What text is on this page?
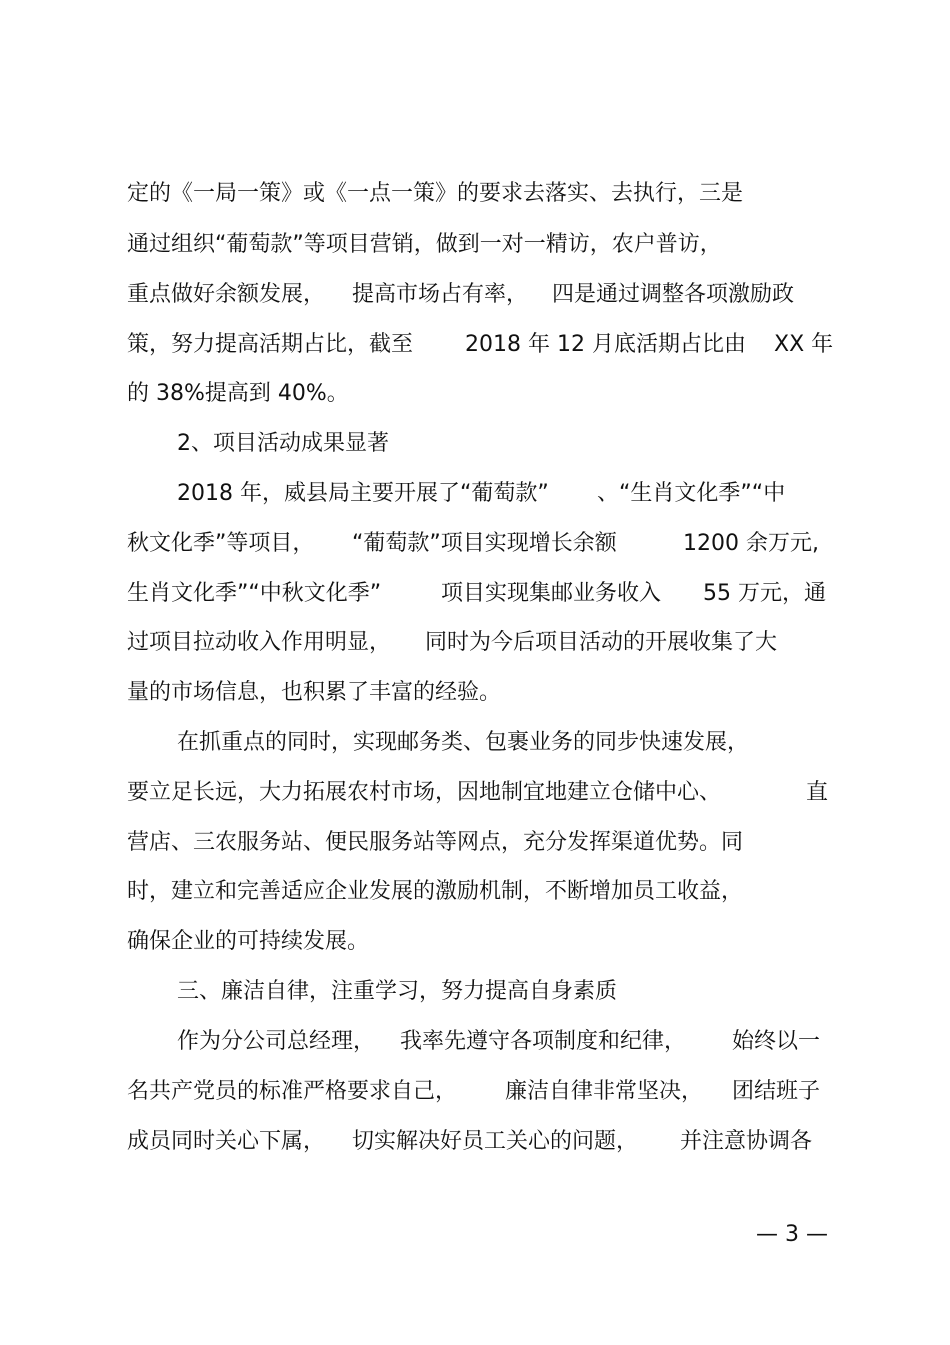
定的《一局一策》或《一点一策》的要求去落实、去执行，三是

通过组织“葡萄款”等项目营销，做到一对一精访，农户普访，

重点做好余额发展，

提高市场占有率，

四是通过调整各项激励政

策，努力提高活期占比，截至

2018 年 12 月底活期占比由

XX 年

的 38%提高到 40%。

2、项目活动成果显著

2018 年，威县局主要开展了“葡萄款”

、“生肖文化季”“中

秋文化季”等项目，

“葡萄款”项目实现增长余额

	1200 余万元,

生肖文化季”“中秋文化季”

	项目实现集邮业务收入

55 万元，通

过项目拉动收入作用明显，

同时为今后项目活动的开展收集了大

量的市场信息，也积累了丰富的经验。

在抓重点的同时，实现邮务类、包裹业务的同步快速发展，

要立足长远，大力拓展农村市场，因地制宜地建立仓储中心、

	直

营店、三农服务站、便民服务站等网点，充分发挥渠道优势。同

时，建立和完善适应企业发展的激励机制，不断增加员工收益，

确保企业的可持续发展。

三、廉洁自律，注重学习，努力提高自身素质

作为分公司总经理，

我率先遵守各项制度和纪律，

始终以一

名共产党员的标准严格要求自己，

廉洁自律非常坚决，

团结班子

成员同时关心下属，

切实解决好员工关心的问题，

并注意协调各

— 3 —
